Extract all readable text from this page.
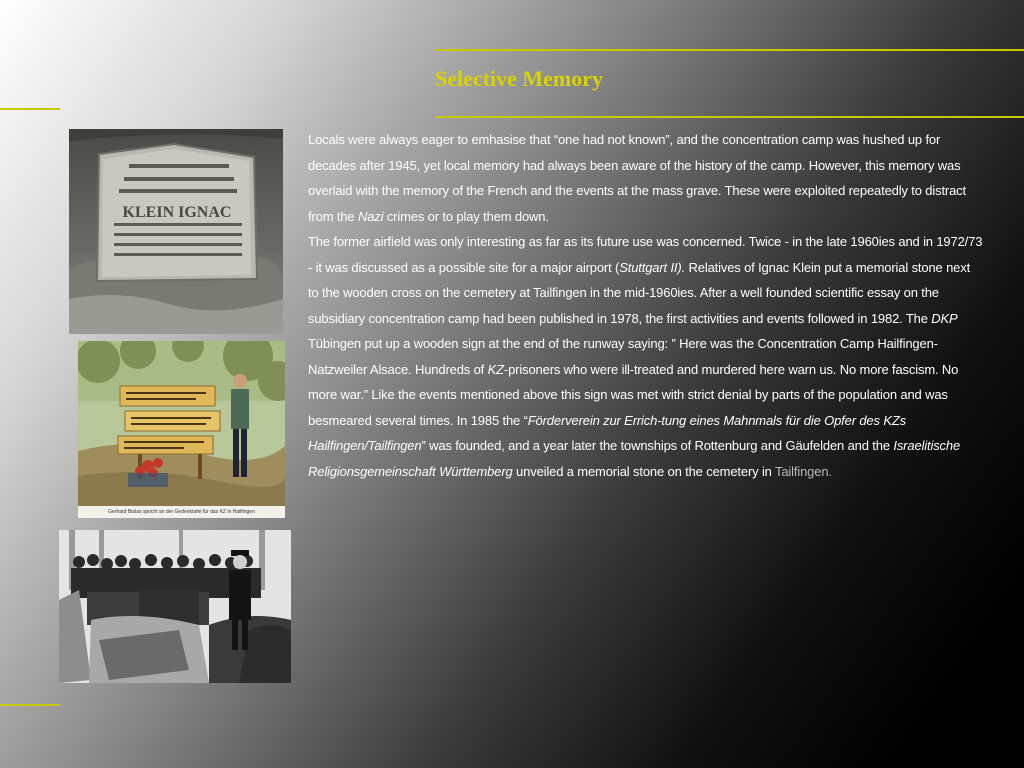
Selective Memory

Locals were always eager to emhasise that “one had not known”, and the concentration camp was hushed up for decades after 1945, yet local memory had always been aware of the history of the camp. However, this memory was overlaid with the memory of the French and the events at the mass grave. These were exploited repeatedly to distract from the Nazi crimes or to play them down.

The former airfield was only interesting as far as its future use was concerned. Twice - in the late 1960ies and in 1972/73 - it was discussed as a possible site for a major airport (Stuttgart II). Relatives of Ignac Klein put a memorial stone next to the wooden cross on the cemetery at Tailfingen in the mid-1960ies. After a well founded scientific essay on the subsidiary concentration camp had been published in 1978, the first activities and events followed in 1982. The DKP Tübingen put up a wooden sign at the end of the runway saying: ” Here was the Concentration Camp Hailfingen-Natzweiler Alsace. Hundreds of KZ-prisoners who were ill-treated and murdered here warn us. No more fascism. No more war.” Like the events mentioned above this sign was met with strict denial by parts of the population and was besmeared several times. In 1985 the “Förderverein zur Errich-tung eines Mahnmals für die Opfer des KZs Hailfingen/Tailfingen” was founded, and a year later the townships of Rottenburg and Gäufelden and the Israelitische Religionsgemeinschaft Württemberg unveiled a memorial stone on the cemetery in Tailfingen.

KLEIN IGNAC
Gerhard Bialas spricht an der Gedenktafel für das KZ in Hailfingen
